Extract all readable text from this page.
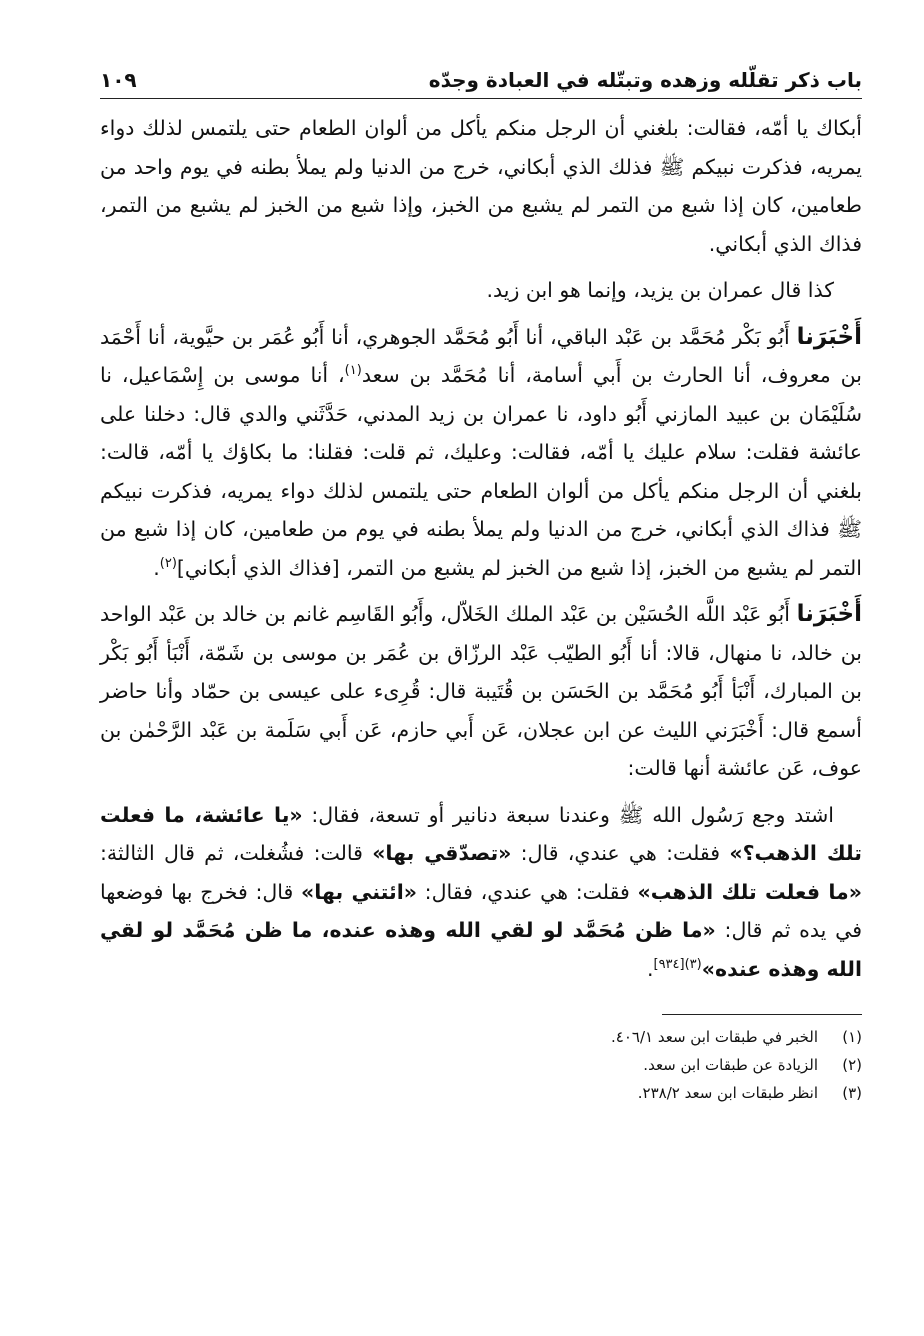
باب ذكر تقلّله وزهده وتبتّله في العبادة وجدّه
١٠٩

أبكاك يا أمّه، فقالت: بلغني أن الرجل منكم يأكل من ألوان الطعام حتى يلتمس لذلك دواء يمريه، فذكرت نبيكم ﷺ فذلك الذي أبكاني، خرج من الدنيا ولم يملأ بطنه في يوم واحد من طعامين، كان إذا شبع من التمر لم يشبع من الخبز، وإذا شبع من الخبز لم يشبع من التمر، فذاك الذي أبكاني.

كذا قال عمران بن يزيد، وإنما هو ابن زيد.

أَخْبَرَنا أَبُو بَكْر مُحَمَّد بن عَبْد الباقي، أنا أَبُو مُحَمَّد الجوهري، أنا أَبُو عُمَر بن حيَّوية، أنا أَحْمَد بن معروف، أنا الحارث بن أَبي أسامة، أنا مُحَمَّد بن سعد$^{(١)}$، أنا موسى بن إِسْمَاعيل، نا سُلَيْمَان بن عبيد المازني أَبُو داود، نا عمران بن زيد المدني، حَدَّثَني والدي قال: دخلنا على عائشة فقلت: سلام عليك يا أمّه، فقالت: وعليك، ثم قلت: فقلنا: ما بكاؤك يا أمّه، قالت: بلغني أن الرجل منكم يأكل من ألوان الطعام حتى يلتمس لذلك دواء يمريه، فذكرت نبيكم ﷺ فذاك الذي أبكاني، خرج من الدنيا ولم يملأ بطنه في يوم من طعامين، كان إذا شبع من التمر لم يشبع من الخبز، إذا شبع من الخبز لم يشبع من التمر، [فذاك الذي أبكاني]$^{(٢)}$.

أَخْبَرَنا أَبُو عَبْد اللَّه الحُسَيْن بن عَبْد الملك الخَلاّل، وأَبُو القَاسِم غانم بن خالد بن عَبْد الواحد بن خالد، نا منهال، قالا: أنا أَبُو الطيّب عَبْد الرزّاق بن عُمَر بن موسى بن شَمّة، أَنْبَأ أَبُو بَكْر بن المبارك، أَنْبَأ أَبُو مُحَمَّد بن الحَسَن بن قُتَيبة قال: قُرِىء على عيسى بن حمّاد وأنا حاضر أسمع قال: أَخْبَرَني الليث عن ابن عجلان، عَن أَبي حازم، عَن أَبي سَلَمة بن عَبْد الرَّحْمٰن بن عوف، عَن عائشة أنها قالت:

اشتد وجع رَسُول الله ﷺ وعندنا سبعة دنانير أو تسعة، فقال: «يا عائشة، ما فعلت تلك الذهب؟» فقلت: هي عندي، قال: «تصدّقي بها» قالت: فشُغلت، ثم قال الثالثة: «ما فعلت تلك الذهب» فقلت: هي عندي، فقال: «ائتني بها» قال: فخرج بها فوضعها في يده ثم قال: «ما ظن مُحَمَّد لو لقي الله وهذه عنده، ما ظن مُحَمَّد لو لقي الله وهذه عنده»$^{(٣)[٩٣٤]}$.

(١)
الخبر في طبقات ابن سعد ٤٠٦/١.
(٢)
الزيادة عن طبقات ابن سعد.
(٣)
انظر طبقات ابن سعد ٢٣٨/٢.
